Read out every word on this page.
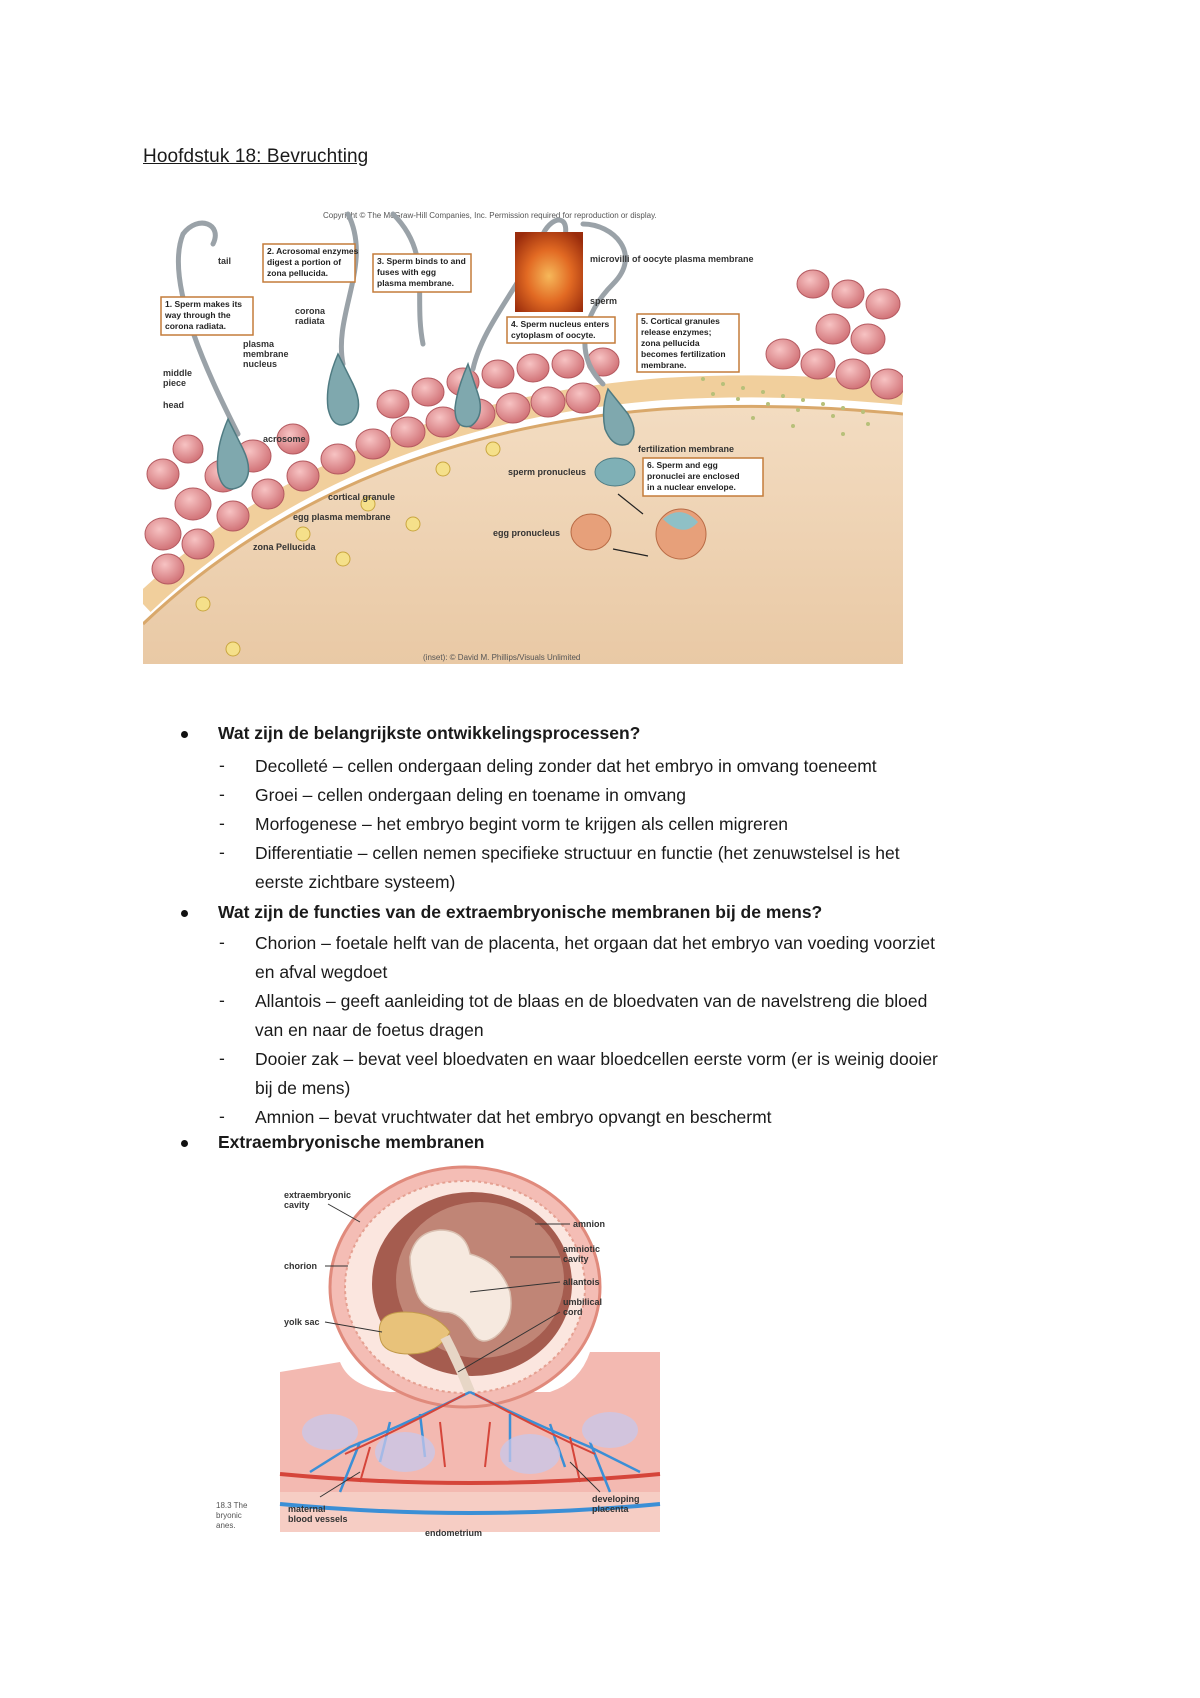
Hoofdstuk 18: Bevruchting
Copyright © The McGraw-Hill Companies, Inc. Permission required for reproduction or display.
1. Sperm makes its
way through the
corona radiata.
2. Acrosomal enzymes
digest a portion of
zona pellucida.
3. Sperm binds to and
fuses with egg
plasma membrane.
4. Sperm nucleus enters
cytoplasm of oocyte.
5. Cortical granules
release enzymes;
zona pellucida
becomes fertilization
membrane.
6. Sperm and egg
pronuclei are enclosed
in a nuclear envelope.
tail
corona
radiata
plasma
membrane
nucleus
middle
piece
head
acrosome
microvilli of oocyte plasma membrane
sperm
fertilization membrane
sperm pronucleus
egg pronucleus
cortical granule
egg plasma membrane
zona Pellucida
(inset): © David M. Phillips/Visuals Unlimited
Wat zijn de belangrijkste ontwikkelingsprocessen?
- Decolleté – cellen ondergaan deling zonder dat het embryo in omvang toeneemt
- Groei – cellen ondergaan deling en toename in omvang
- Morfogenese – het embryo begint vorm te krijgen als cellen migreren
- Differentiatie – cellen nemen specifieke structuur en functie (het zenuwstelsel is het
eerste zichtbare systeem)
Wat zijn de functies van de extraembryonische membranen bij de mens?
- Chorion – foetale helft van de placenta, het orgaan dat het embryo van voeding voorziet
en afval wegdoet
- Allantois – geeft aanleiding tot de blaas en de bloedvaten van de navelstreng die bloed
van en naar de foetus dragen
- Dooier zak – bevat veel bloedvaten en waar bloedcellen eerste vorm (er is weinig dooier
bij de mens)
- Amnion – bevat vruchtwater dat het embryo opvangt en beschermt
Extraembryonische membranen
extraembryonic
cavity
chorion
yolk sac
amnion
amniotic
cavity
allantois
umbilical
cord
maternal
blood vessels
endometrium
developing
placenta
18.3 The
bryonic
anes.
